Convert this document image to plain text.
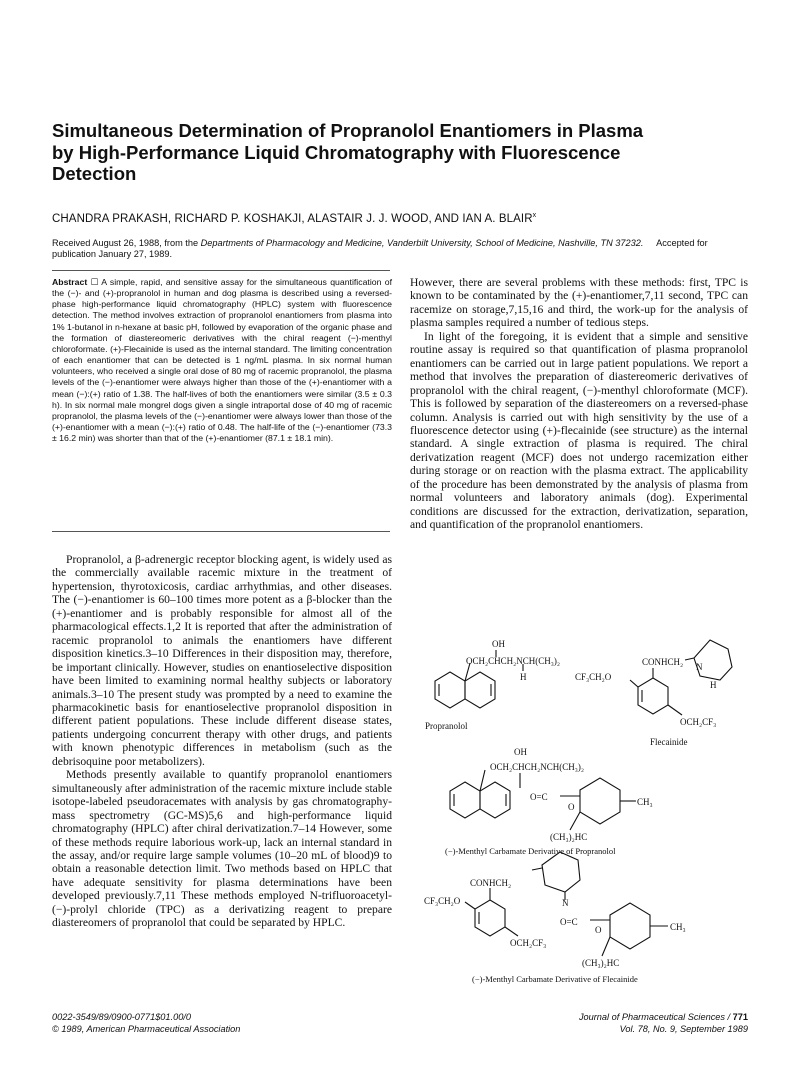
Simultaneous Determination of Propranolol Enantiomers in Plasma by High-Performance Liquid Chromatography with Fluorescence Detection
CHANDRA PRAKASH, RICHARD P. KOSHAKJI, ALASTAIR J. J. WOOD, AND IAN A. BLAIR$^x$
Received August 26, 1988, from the Departments of Pharmacology and Medicine, Vanderbilt University, School of Medicine, Nashville, TN 37232. Accepted for publication January 27, 1989.

Abstract ☐ A simple, rapid, and sensitive assay for the simultaneous quantification of the (−)- and (+)-propranolol in human and dog plasma is described using a reversed-phase high-performance liquid chromatography (HPLC) system with fluorescence detection. The method involves extraction of propranolol enantiomers from plasma into 1% 1-butanol in n-hexane at basic pH, followed by evaporation of the organic phase and the formation of diastereomeric derivatives with the chiral reagent (−)-menthyl chloroformate. (+)-Flecainide is used as the internal standard. The limiting concentration of each enantiomer that can be detected is 1 ng/mL plasma. In six normal human volunteers, who received a single oral dose of 80 mg of racemic propranolol, the plasma levels of the (−)-enantiomer were always higher than those of the (+)-enantiomer with a mean (−):(+) ratio of 1.38. The half-lives of both the enantiomers were similar (3.5 ± 0.3 h). In six normal male mongrel dogs given a single intraportal dose of 40 mg of racemic propranolol, the plasma levels of the (−)-enantiomer were always lower than those of the (+)-enantiomer with a mean (−):(+) ratio of 0.48. The half-life of the (−)-enantiomer (73.3 ± 16.2 min) was shorter than that of the (+)-enantiomer (87.1 ± 18.1 min).

Propranolol, a β-adrenergic receptor blocking agent, is widely used as the commercially available racemic mixture in the treatment of hypertension, thyrotoxicosis, cardiac arrhythmias, and other diseases. The (−)-enantiomer is 60–100 times more potent as a β-blocker than the (+)-enantiomer and is probably responsible for almost all of the pharmacological effects.1,2 It is reported that after the administration of racemic propranolol to animals the enantiomers have different disposition kinetics.3–10 Differences in their disposition may, therefore, be important clinically. However, studies on enantioselective disposition have been limited to examining normal healthy subjects or laboratory animals.3–10 The present study was prompted by a need to examine the pharmacokinetic basis for enantioselective propranolol disposition in different patient populations. These include different disease states, patients undergoing concurrent therapy with other drugs, and patients with known phenotypic differences in metabolism (such as the debrisoquine poor metabolizers).

Methods presently available to quantify propranolol enantiomers simultaneously after administration of the racemic mixture include stable isotope-labeled pseudoracemates with analysis by gas chromatography-mass spectrometry (GC-MS)5,6 and high-performance liquid chromatography (HPLC) after chiral derivatization.7–14 However, some of these methods require laborious work-up, lack an internal standard in the assay, and/or require large sample volumes (10–20 mL of blood)9 to obtain a reasonable detection limit. Two methods based on HPLC that have adequate sensitivity for plasma determinations have been developed previously.7,11 These methods employed N-trifluoroacetyl-(−)-prolyl chloride (TPC) as a derivatizing reagent to prepare diastereomers of propranolol that could be separated by HPLC.

However, there are several problems with these methods: first, TPC is known to be contaminated by the (+)-enantiomer,7,11 second, TPC can racemize on storage,7,15,16 and third, the work-up for the analysis of plasma samples required a number of tedious steps.

In light of the foregoing, it is evident that a simple and sensitive routine assay is required so that quantification of plasma propranolol enantiomers can be carried out in large patient populations. We report a method that involves the preparation of diastereomeric derivatives of propranolol with the chiral reagent, (−)-menthyl chloroformate (MCF). This is followed by separation of the diastereomers on a reversed-phase column. Analysis is carried out with high sensitivity by the use of a fluorescence detector using (+)-flecainide (see structure) as the internal standard. A single extraction of plasma is required. The chiral derivatization reagent (MCF) does not undergo racemization either during storage or on reaction with the plasma extract. The applicability of the procedure has been demonstrated by the analysis of plasma from normal volunteers and laboratory animals (dog). Experimental conditions are discussed for the extraction, derivatization, separation, and quantification of the propranolol enantiomers.

OH
OCH₂CHCH₂NCH(CH₃)₂
H
Propranolol
CONHCH₂
CF₃CH₂O
OCH₂CF₃
N
H
Flecainide
OH
OCH₂CHCH₂NCH(CH₃)₂
O=C
O	CH₃
(CH₃)₂HC
(−)-Menthyl Carbamate Derivative of Propranolol
CONHCH₂
CF₃CH₂O	N
O=C
O	CH₃
OCH₂CF₃
(CH₃)₂HC
(−)-Menthyl Carbamate Derivative of Flecainide
0022-3549/89/0900-0771$01.00/0
© 1989, American Pharmaceutical Association
Journal of Pharmaceutical Sciences / 771
Vol. 78, No. 9, September 1989
